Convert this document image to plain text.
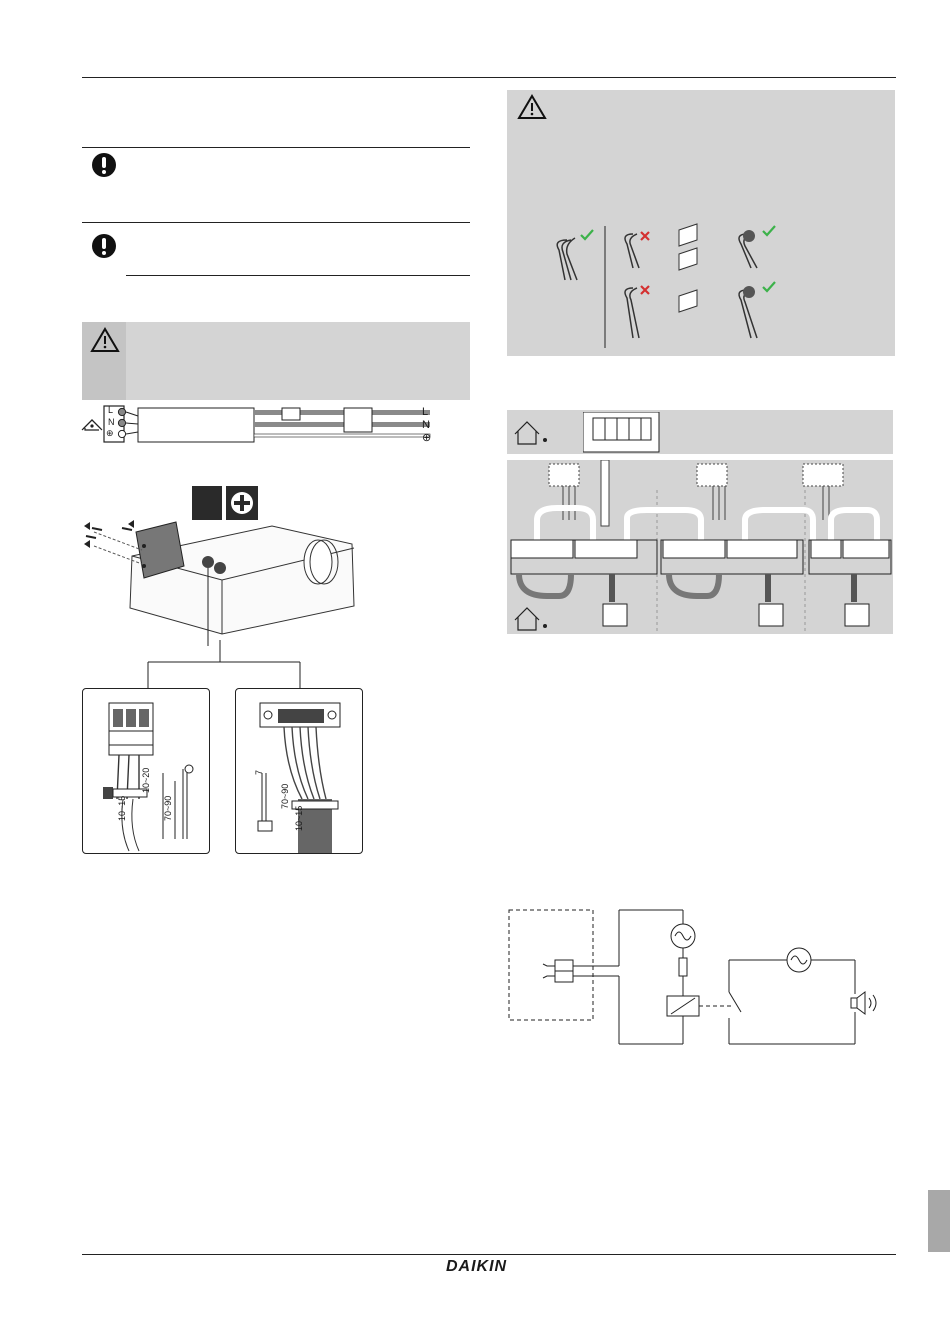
L
N
⊕
L
N
⊕
10~20
70~90
10~15
7
70~90
10~15
DAIKIN
